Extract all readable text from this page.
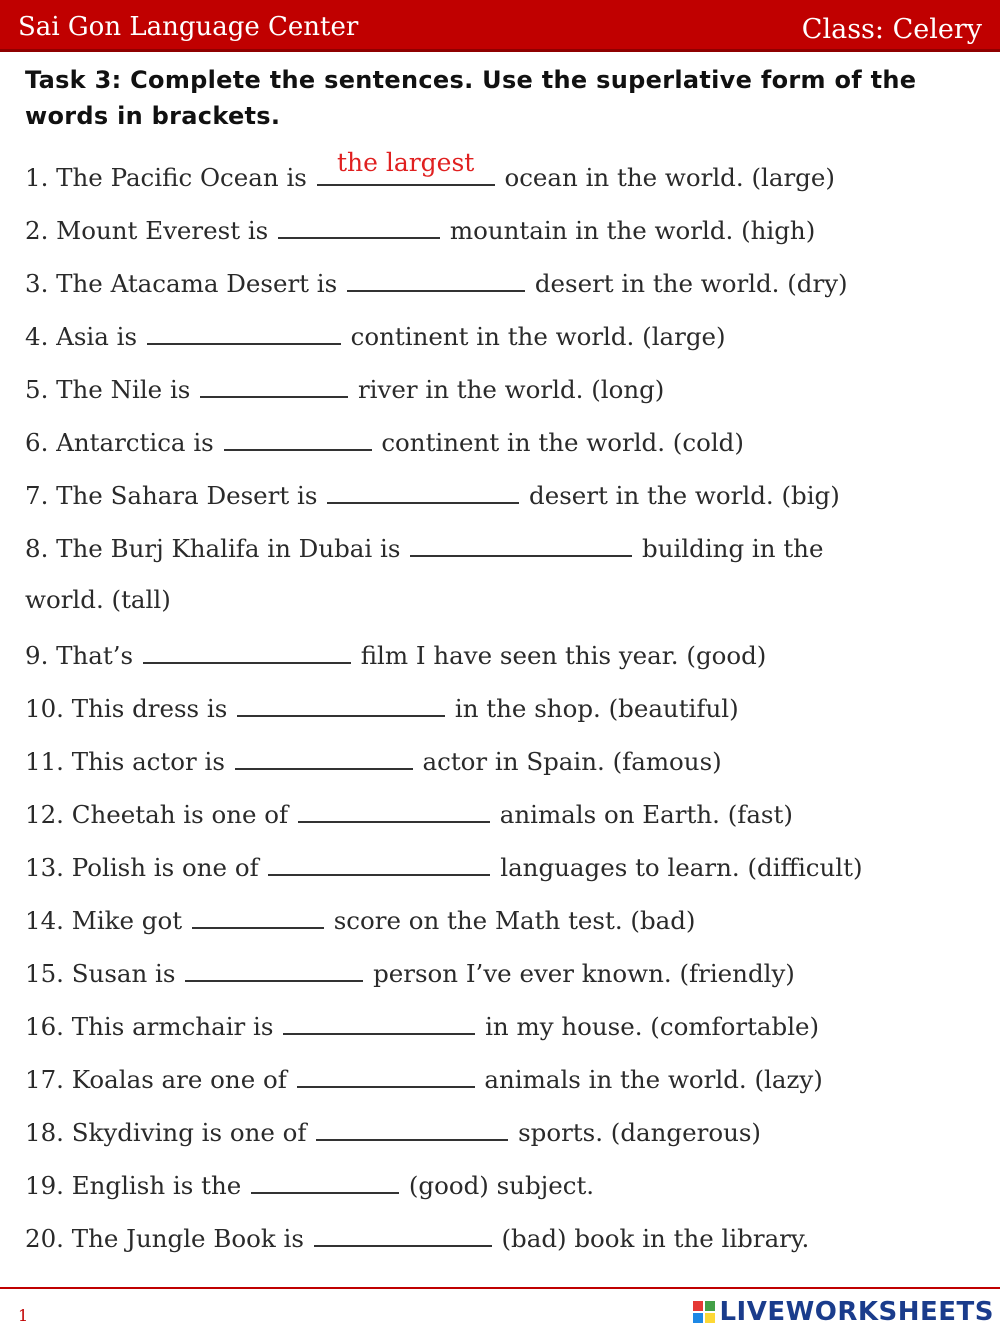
Sai Gon Language Center	Class: Celery
Task 3: Complete the sentences. Use the superlative form of the words in brackets.
1. The Pacific Ocean is
the largest
ocean in the world. (large)
2. Mount Everest is	mountain in the world. (high)
3. The Atacama Desert is	desert in the world. (dry)
4. Asia is	continent in the world. (large)
5. The Nile is	river in the world. (long)
6. Antarctica is	continent in the world. (cold)
7. The Sahara Desert is	desert in the world. (big)
8. The Burj Khalifa in Dubai is	building in the
world. (tall)
9. That’s	film I have seen this year. (good)
10. This dress is	in the shop. (beautiful)
11. This actor is	actor in Spain. (famous)
12. Cheetah is one of	animals on Earth. (fast)
13. Polish is one of	languages to learn. (difficult)
14. Mike got	score on the Math test. (bad)
15. Susan is	person I’ve ever known. (friendly)
16. This armchair is	in my house. (comfortable)
17. Koalas are one of	animals in the world. (lazy)
18. Skydiving is one of	sports. (dangerous)
19. English is the	(good) subject.
20. The Jungle Book is	(bad) book in the library.
1	LIVEWORKSHEETS
